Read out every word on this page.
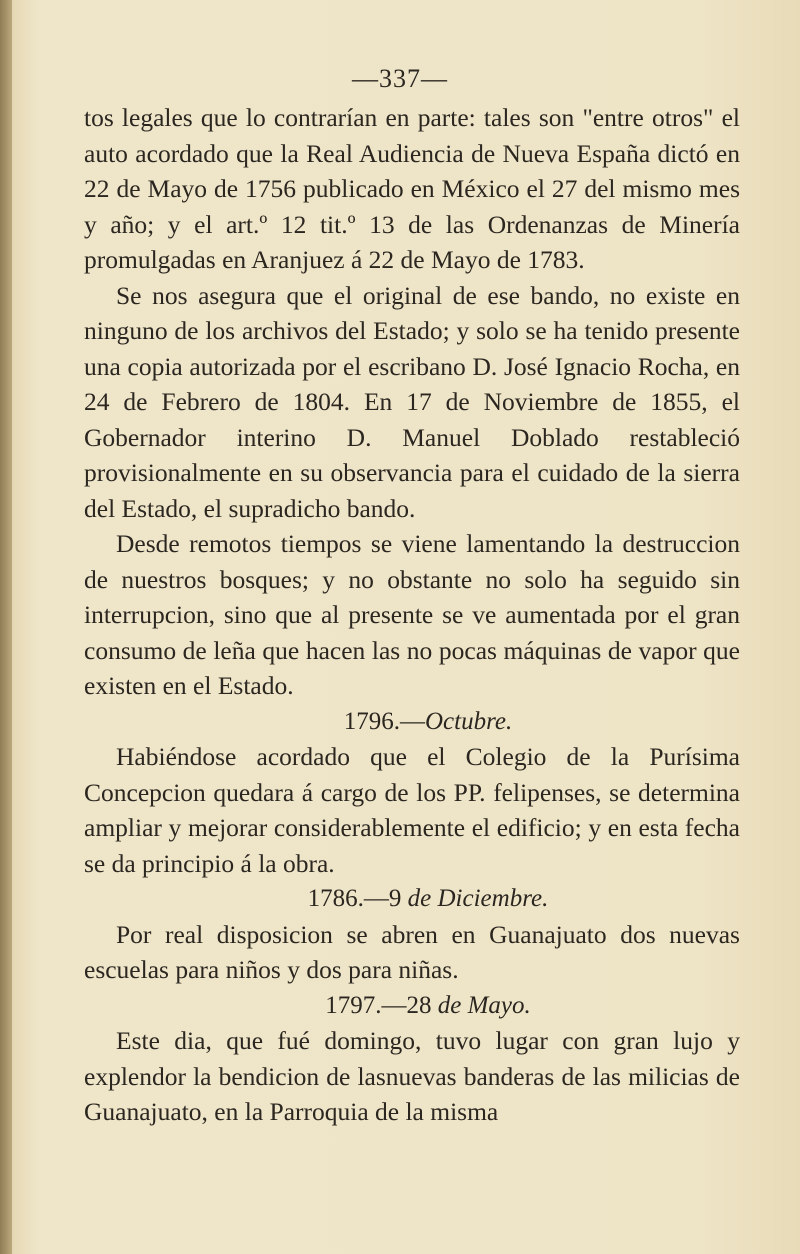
—337—

tos legales que lo contrarían en parte: tales son "entre otros" el auto acordado que la Real Audiencia de Nueva España dictó en 22 de Mayo de 1756 publicado en México el 27 del mismo mes y año; y el art.º 12 tit.º 13 de las Ordenanzas de Minería promulgadas en Aranjuez á 22 de Mayo de 1783.

Se nos asegura que el original de ese bando, no existe en ninguno de los archivos del Estado; y solo se ha tenido presente una copia autorizada por el escribano D. José Ignacio Rocha, en 24 de Febrero de 1804. En 17 de Noviembre de 1855, el Gobernador interino D. Manuel Doblado restableció provisionalmente en su observancia para el cuidado de la sierra del Estado, el supradicho bando.

Desde remotos tiempos se viene lamentando la destruccion de nuestros bosques; y no obstante no solo ha seguido sin interrupcion, sino que al presente se ve aumentada por el gran consumo de leña que hacen las no pocas máquinas de vapor que existen en el Estado.

1796.—Octubre.

Habiéndose acordado que el Colegio de la Purísima Concepcion quedara á cargo de los PP. felipenses, se determina ampliar y mejorar considerablemente el edificio; y en esta fecha se da principio á la obra.

1786.—9 de Diciembre.

Por real disposicion se abren en Guanajuato dos nuevas escuelas para niños y dos para niñas.

1797.—28 de Mayo.

Este dia, que fué domingo, tuvo lugar con gran lujo y explendor la bendicion de lasnuevas banderas de las milicias de Guanajuato, en la Parroquia de la misma
